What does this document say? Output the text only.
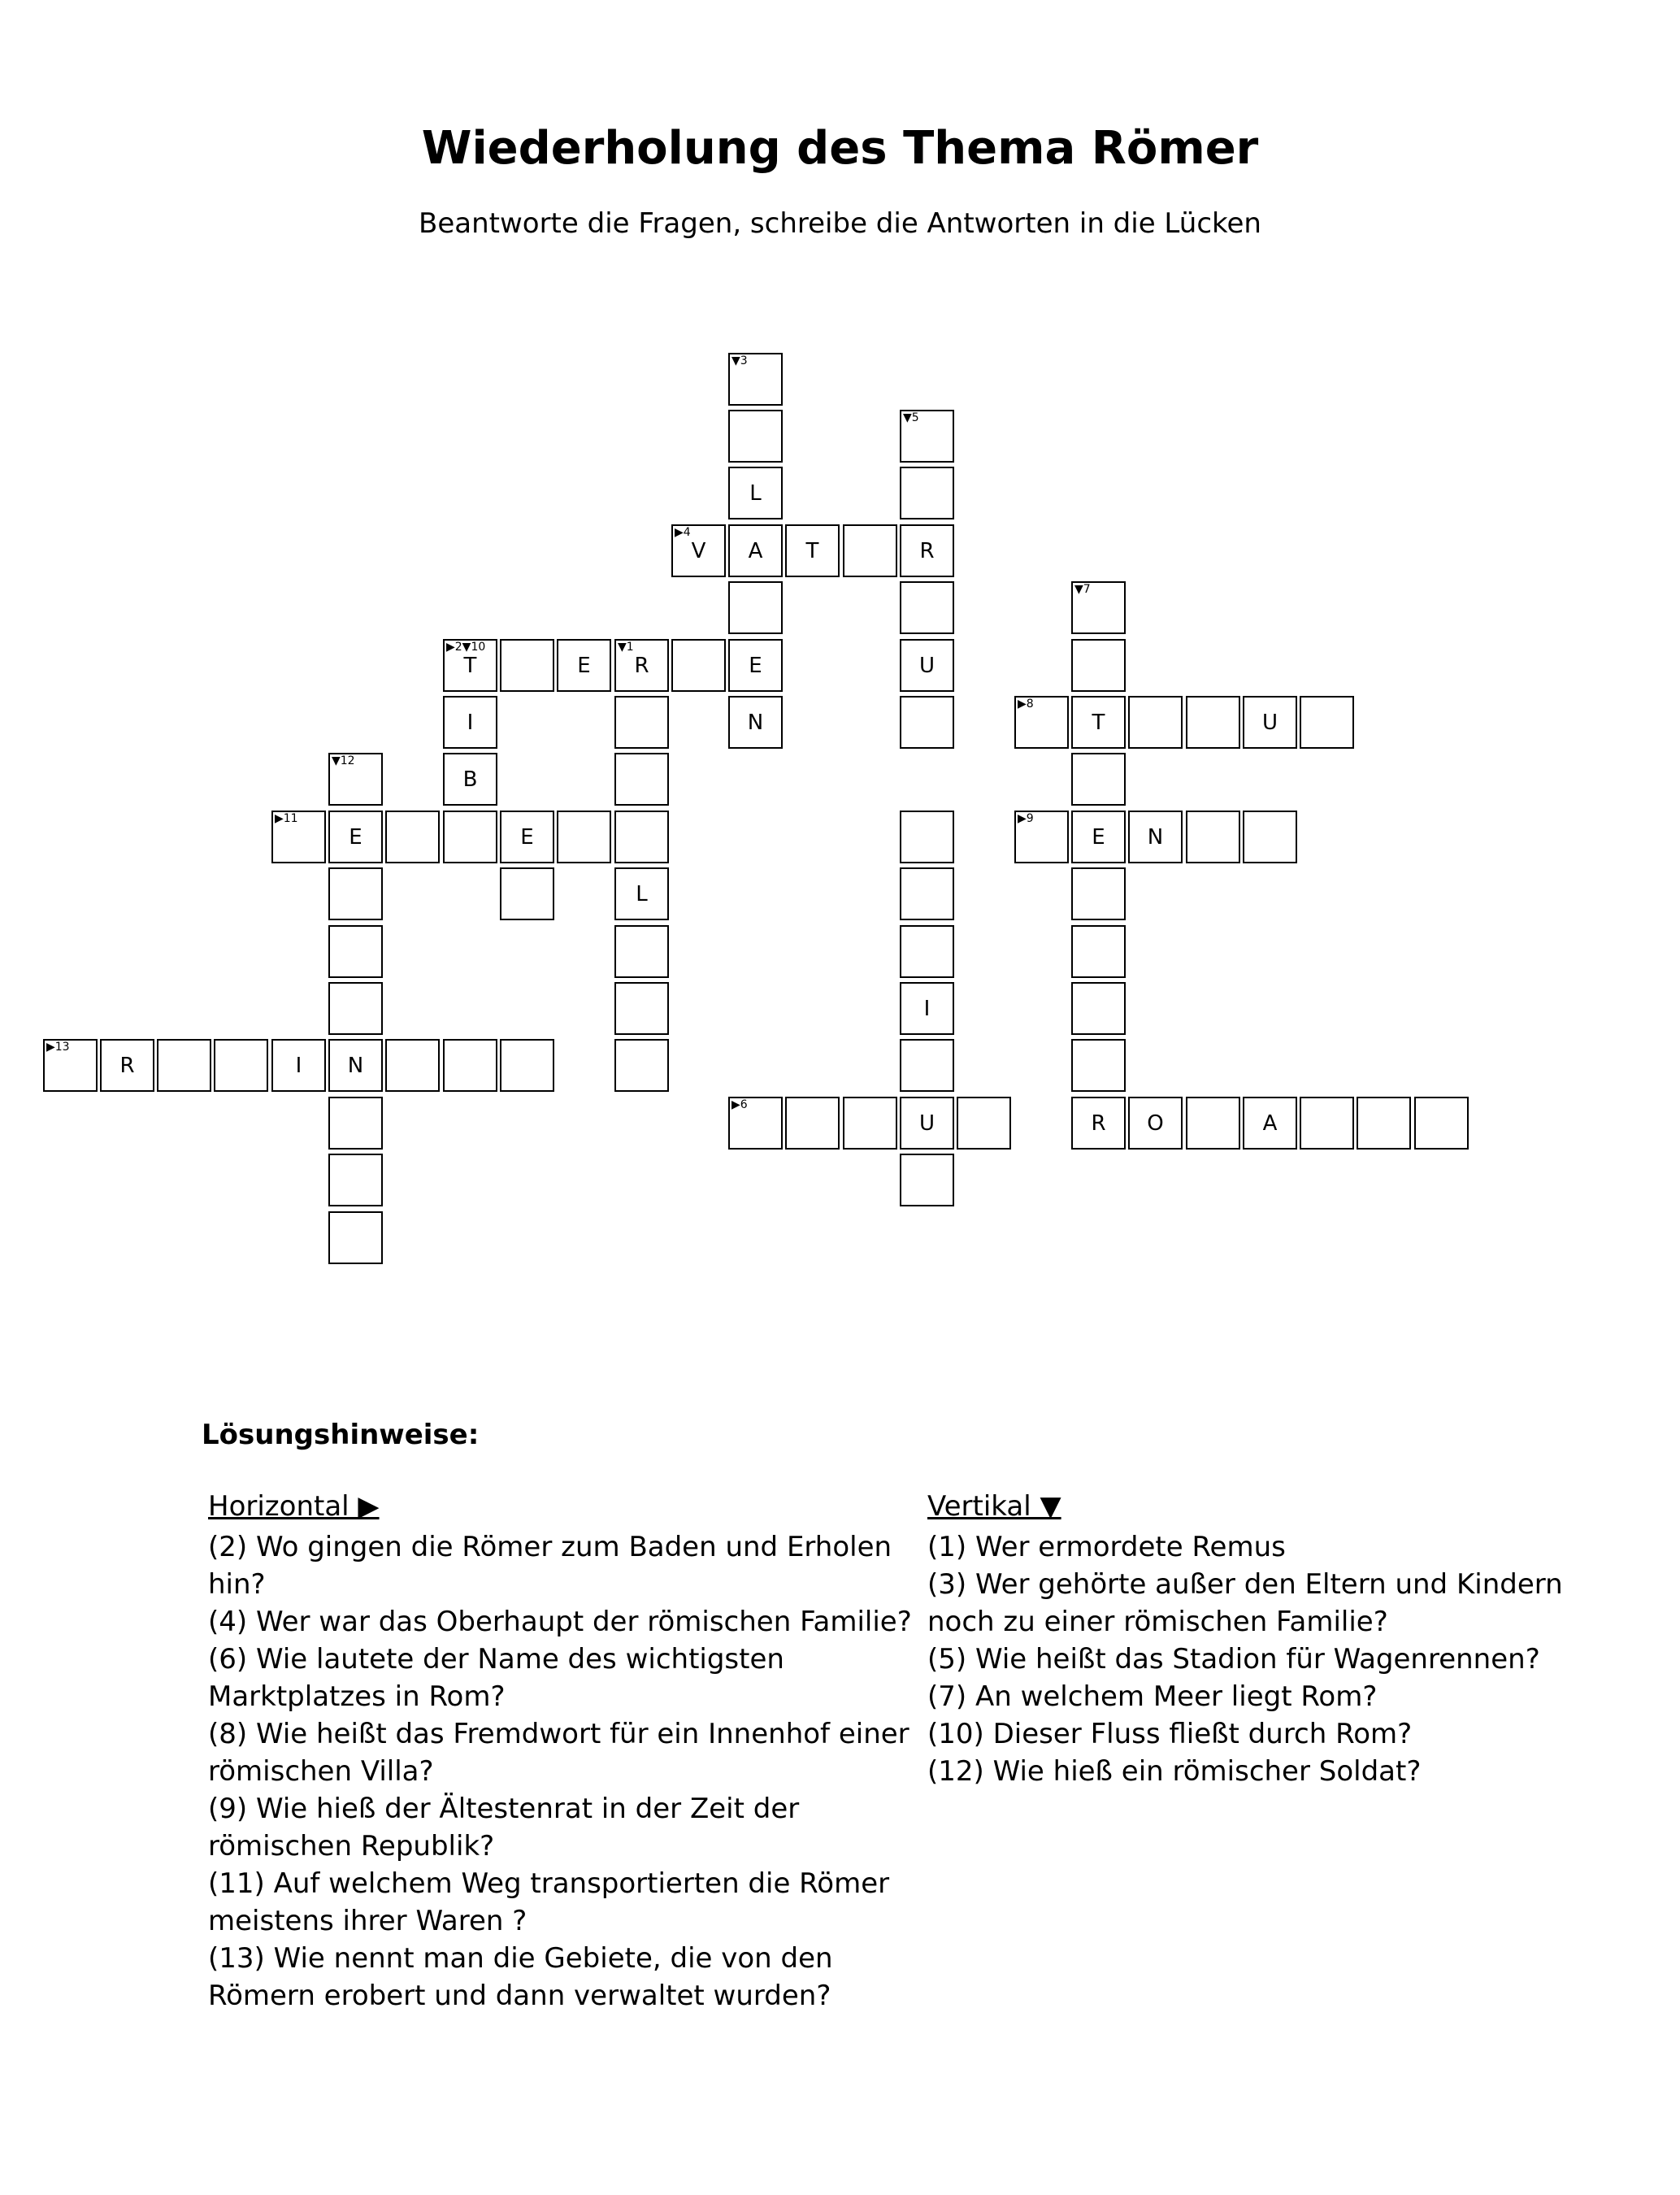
Wiederholung des Thema Römer

Beantworte die Fragen, schreibe die Antworten in die Lücken

▼3
▼5
L
▶4
V	A	T	R
▼7
▶2▼10
T	E
▼1
R	E	U
I	N
▶8
T	U
▼12
B
▶11
E	E
▶9
E	N
L
I
▶13
R	I	N
▶6
U	R	O	A
Lösungshinweise:
Horizontal ▶

(2) Wo gingen die Römer zum Baden und Erholen hin?

(4) Wer war das Oberhaupt der römischen Familie?

(6) Wie lautete der Name des wichtigsten Marktplatzes in Rom?

(8) Wie heißt das Fremdwort für ein Innenhof einer römischen Villa?

(9) Wie hieß der Ältestenrat in der Zeit der römischen Republik?

(11) Auf welchem Weg transportierten die Römer meistens ihrer Waren ?

(13) Wie nennt man die Gebiete, die von den Römern erobert und dann verwaltet wurden?

Vertikal ▼

(1) Wer ermordete Remus

(3) Wer gehörte außer den Eltern und Kindern noch zu einer römischen Familie?

(5) Wie heißt das Stadion für Wagenrennen?

(7) An welchem Meer liegt Rom?

(10) Dieser Fluss fließt durch Rom?

(12) Wie hieß ein römischer Soldat?
